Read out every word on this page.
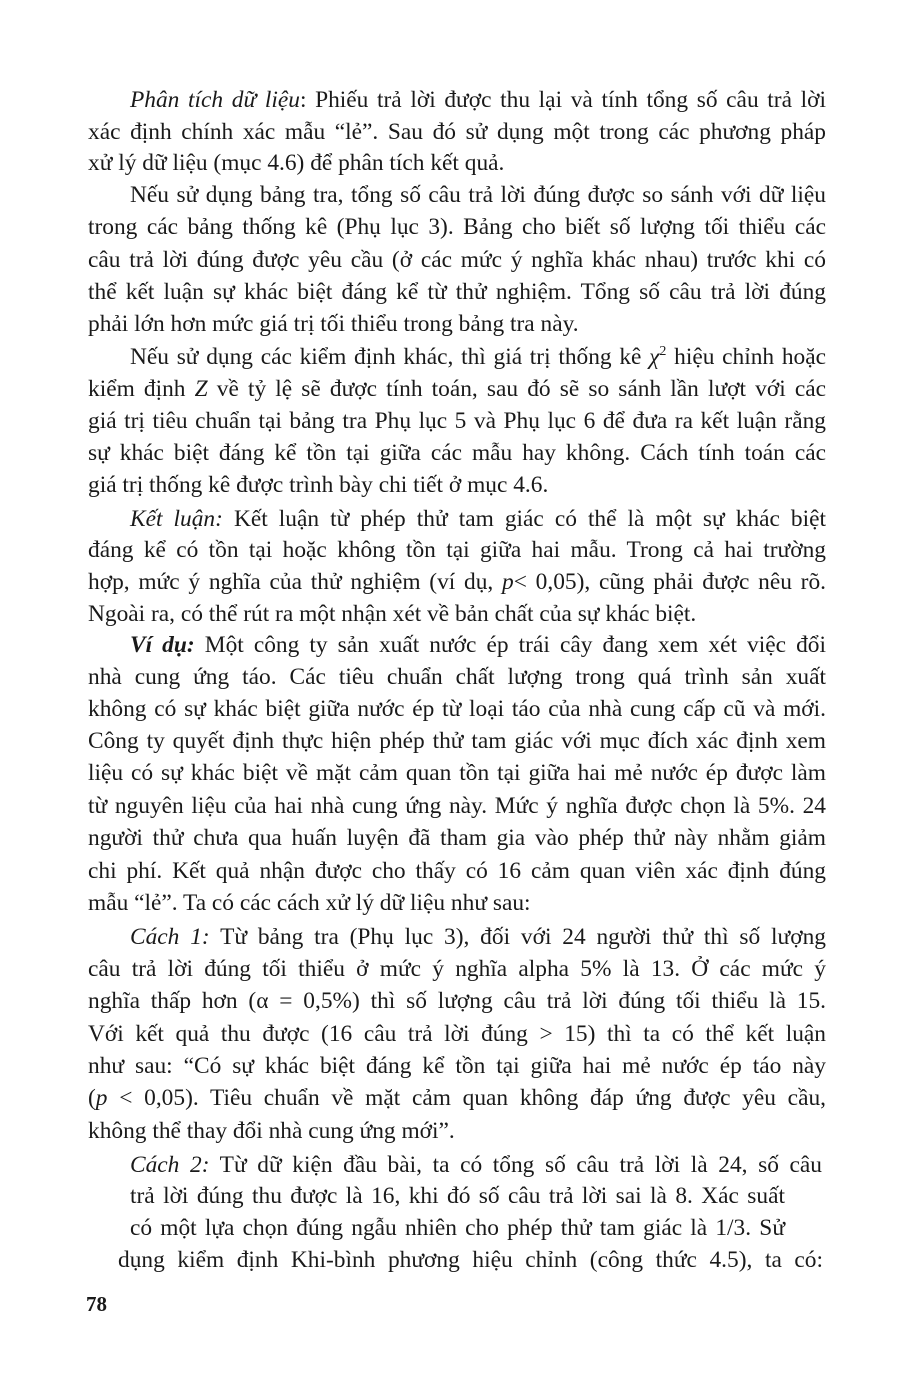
Phân tích dữ liệu: Phiếu trả lời được thu lại và tính tổng số câu trả lời
xác định chính xác mẫu “lẻ”. Sau đó sử dụng một trong các phương pháp
xử lý dữ liệu (mục 4.6) để phân tích kết quả.
Nếu sử dụng bảng tra, tổng số câu trả lời đúng được so sánh với dữ liệu
trong các bảng thống kê (Phụ lục 3). Bảng cho biết số lượng tối thiểu các
câu trả lời đúng được yêu cầu (ở các mức ý nghĩa khác nhau) trước khi có
thể kết luận sự khác biệt đáng kể từ thử nghiệm. Tổng số câu trả lời đúng
phải lớn hơn mức giá trị tối thiểu trong bảng tra này.
Nếu sử dụng các kiểm định khác, thì giá trị thống kê $\chi^2$ hiệu chỉnh hoặc
kiểm định Z về tỷ lệ sẽ được tính toán, sau đó sẽ so sánh lần lượt với các
giá trị tiêu chuẩn tại bảng tra Phụ lục 5 và Phụ lục 6 để đưa ra kết luận rằng
sự khác biệt đáng kể tồn tại giữa các mẫu hay không. Cách tính toán các
giá trị thống kê được trình bày chi tiết ở mục 4.6.
Kết luận: Kết luận từ phép thử tam giác có thể là một sự khác biệt
đáng kể có tồn tại hoặc không tồn tại giữa hai mẫu. Trong cả hai trường
hợp, mức ý nghĩa của thử nghiệm (ví dụ, p< 0,05), cũng phải được nêu rõ.
Ngoài ra, có thể rút ra một nhận xét về bản chất của sự khác biệt.
Ví dụ: Một công ty sản xuất nước ép trái cây đang xem xét việc đổi
nhà cung ứng táo. Các tiêu chuẩn chất lượng trong quá trình sản xuất
không có sự khác biệt giữa nước ép từ loại táo của nhà cung cấp cũ và mới.
Công ty quyết định thực hiện phép thử tam giác với mục đích xác định xem
liệu có sự khác biệt về mặt cảm quan tồn tại giữa hai mẻ nước ép được làm
từ nguyên liệu của hai nhà cung ứng này. Mức ý nghĩa được chọn là 5%. 24
người thử chưa qua huấn luyện đã tham gia vào phép thử này nhằm giảm
chi phí. Kết quả nhận được cho thấy có 16 cảm quan viên xác định đúng
mẫu “lẻ”. Ta có các cách xử lý dữ liệu như sau:
Cách 1: Từ bảng tra (Phụ lục 3), đối với 24 người thử thì số lượng
câu trả lời đúng tối thiểu ở mức ý nghĩa alpha 5% là 13. Ở các mức ý
nghĩa thấp hơn (α = 0,5%) thì số lượng câu trả lời đúng tối thiểu là 15.
Với kết quả thu được (16 câu trả lời đúng > 15) thì ta có thể kết luận
như sau: “Có sự khác biệt đáng kể tồn tại giữa hai mẻ nước ép táo này
(p < 0,05). Tiêu chuẩn về mặt cảm quan không đáp ứng được yêu cầu,
không thể thay đổi nhà cung ứng mới”.
Cách 2: Từ dữ kiện đầu bài, ta có tổng số câu trả lời là 24, số câu
trả lời đúng thu được là 16, khi đó số câu trả lời sai là 8. Xác suất
có một lựa chọn đúng ngẫu nhiên cho phép thử tam giác là 1/3. Sử
dụng kiểm định Khi-bình phương hiệu chỉnh (công thức 4.5), ta có:
78
